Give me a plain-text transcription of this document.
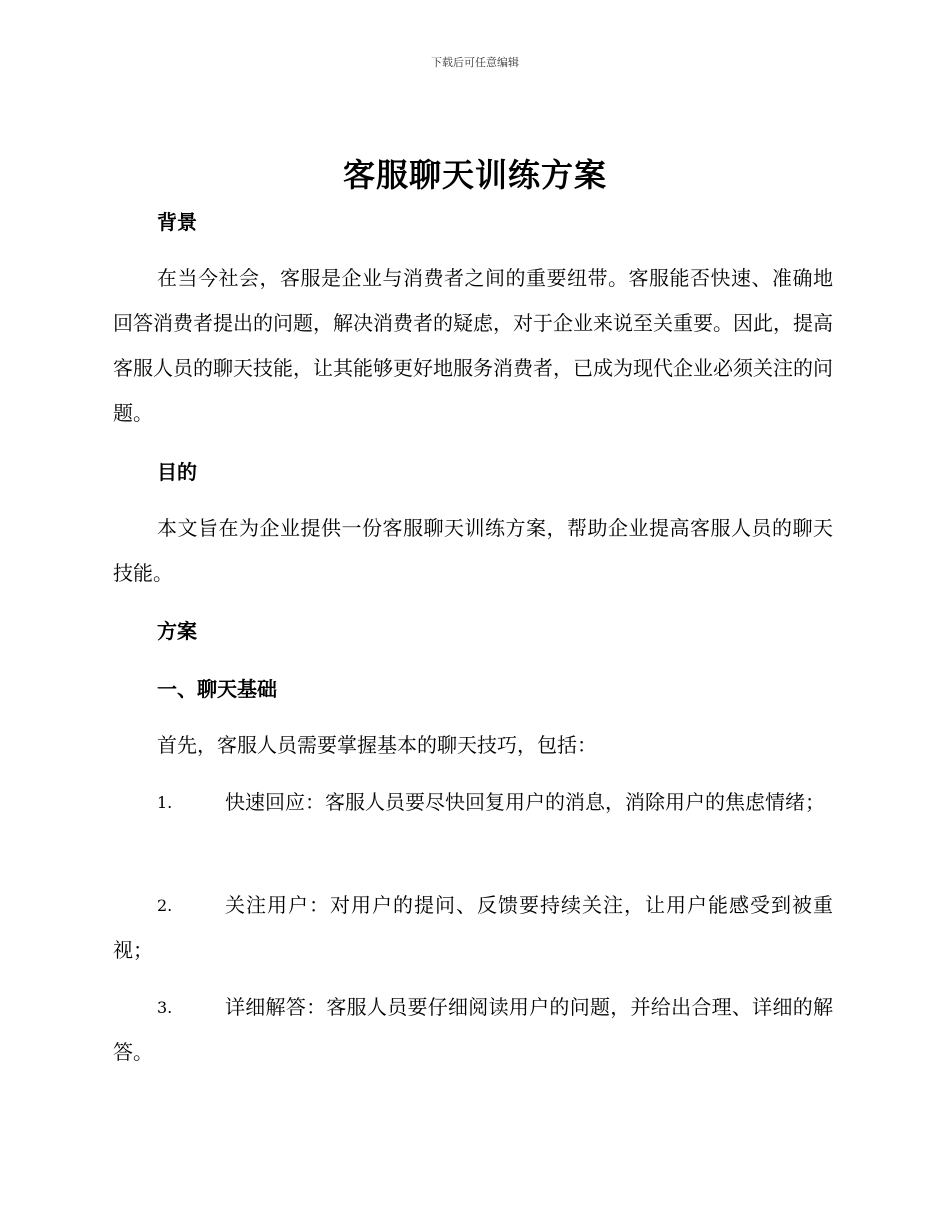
下载后可任意编辑
客服聊天训练方案
背景

在当今社会，客服是企业与消费者之间的重要纽带。客服能否快速、准确地回答消费者提出的问题，解决消费者的疑虑，对于企业来说至关重要。因此，提高客服人员的聊天技能，让其能够更好地服务消费者，已成为现代企业必须关注的问题。

目的

本文旨在为企业提供一份客服聊天训练方案，帮助企业提高客服人员的聊天技能。

方案
一、聊天基础

首先，客服人员需要掌握基本的聊天技巧，包括：

1.	快速回应：客服人员要尽快回复用户的消息，消除用户的焦虑情绪；

2.	关注用户：对用户的提问、反馈要持续关注，让用户能感受到被重视；

3.	详细解答：客服人员要仔细阅读用户的问题，并给出合理、详细的解答。
